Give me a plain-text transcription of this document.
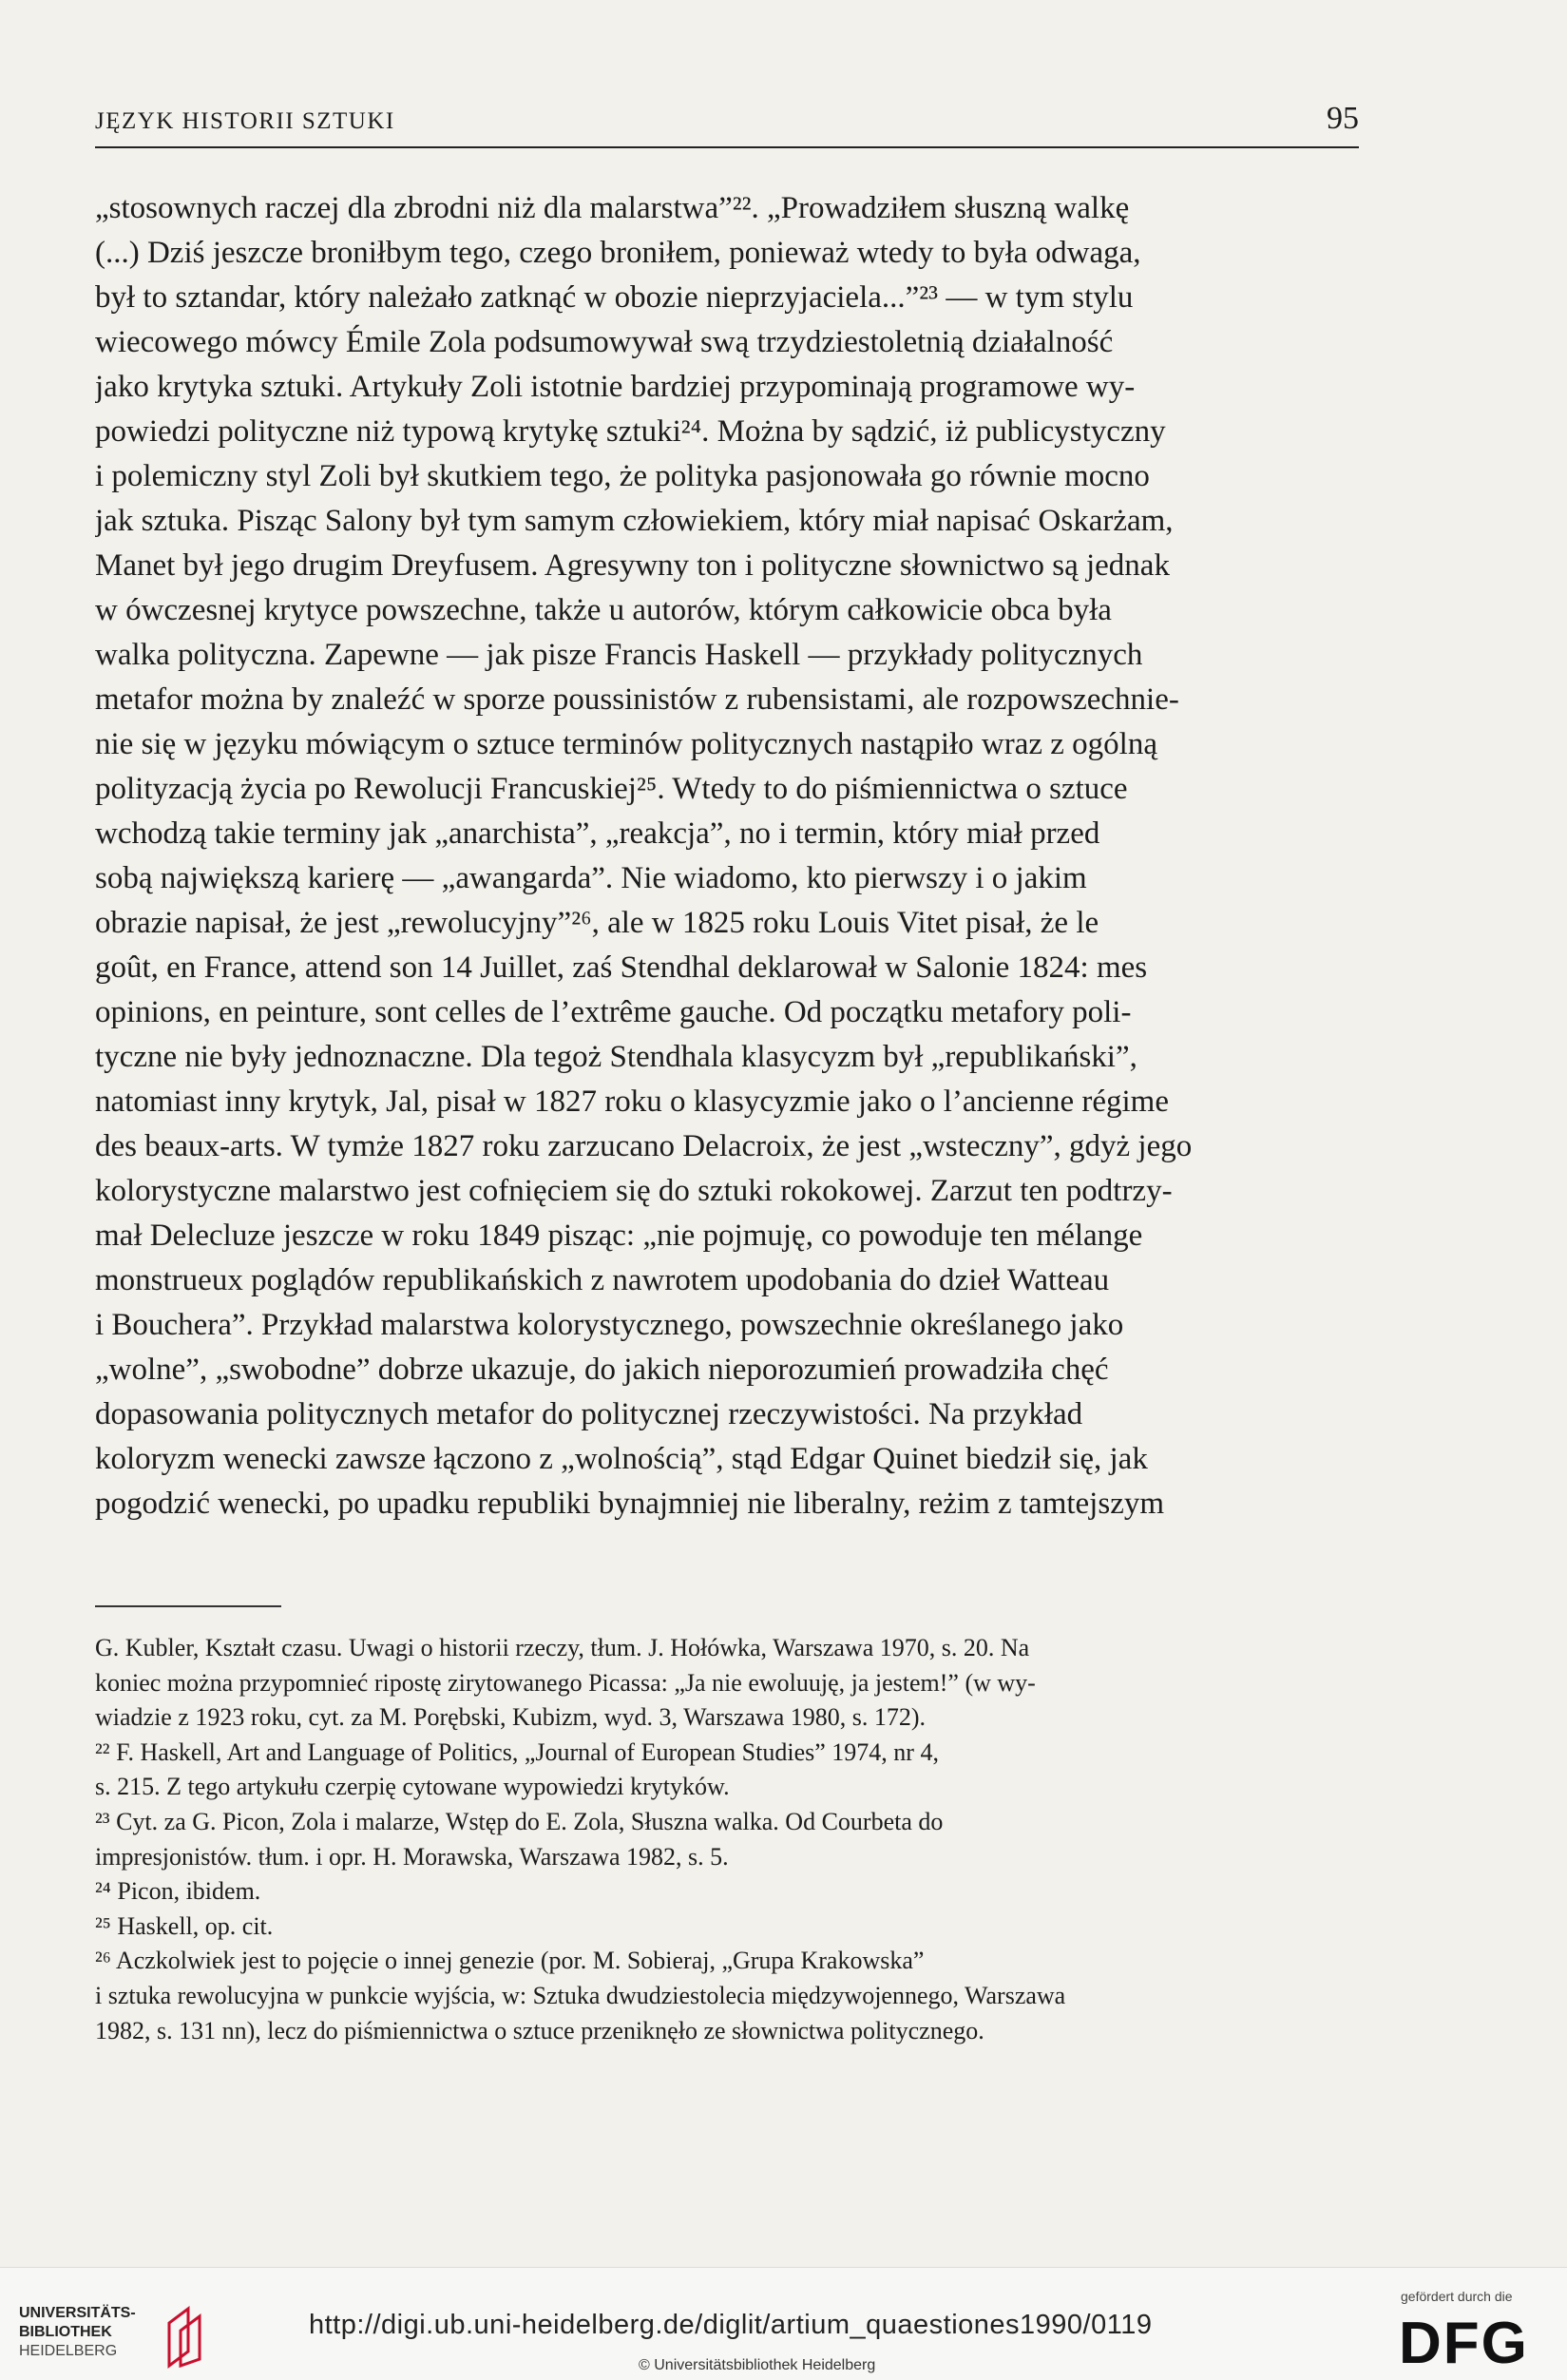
JĘZYK HISTORII SZTUKI	95
„stosownych raczej dla zbrodni niż dla malarstwa”²². „Prowadziłem słuszną walkę
(...) Dziś jeszcze broniłbym tego, czego broniłem, ponieważ wtedy to była odwaga,
był to sztandar, który należało zatknąć w obozie nieprzyjaciela...”²³ — w tym stylu
wiecowego mówcy Émile Zola podsumowywał swą trzydziestoletnią działalność
jako krytyka sztuki. Artykuły Zoli istotnie bardziej przypominają programowe wy-
powiedzi polityczne niż typową krytykę sztuki²⁴. Można by sądzić, iż publicystyczny
i polemiczny styl Zoli był skutkiem tego, że polityka pasjonowała go równie mocno
jak sztuka. Pisząc Salony był tym samym człowiekiem, który miał napisać Oskarżam,
Manet był jego drugim Dreyfusem. Agresywny ton i polityczne słownictwo są jednak
w ówczesnej krytyce powszechne, także u autorów, którym całkowicie obca była
walka polityczna. Zapewne — jak pisze Francis Haskell — przykłady politycznych
metafor można by znaleźć w sporze poussinistów z rubensistami, ale rozpowszechnie-
nie się w języku mówiącym o sztuce terminów politycznych nastąpiło wraz z ogólną
polityzacją życia po Rewolucji Francuskiej²⁵. Wtedy to do piśmiennictwa o sztuce
wchodzą takie terminy jak „anarchista”, „reakcja”, no i termin, który miał przed
sobą największą karierę — „awangarda”. Nie wiadomo, kto pierwszy i o jakim
obrazie napisał, że jest „rewolucyjny”²⁶, ale w 1825 roku Louis Vitet pisał, że le
goût, en France, attend son 14 Juillet, zaś Stendhal deklarował w Salonie 1824: mes
opinions, en peinture, sont celles de l’extrême gauche. Od początku metafory poli-
tyczne nie były jednoznaczne. Dla tegoż Stendhala klasycyzm był „republikański”,
natomiast inny krytyk, Jal, pisał w 1827 roku o klasycyzmie jako o l’ancienne régime
des beaux-arts. W tymże 1827 roku zarzucano Delacroix, że jest „wsteczny”, gdyż jego
kolorystyczne malarstwo jest cofnięciem się do sztuki rokokowej. Zarzut ten podtrzy-
mał Delecluze jeszcze w roku 1849 pisząc: „nie pojmuję, co powoduje ten mélange
monstrueux poglądów republikańskich z nawrotem upodobania do dzieł Watteau
i Bouchera”. Przykład malarstwa kolorystycznego, powszechnie określanego jako
„wolne”, „swobodne” dobrze ukazuje, do jakich nieporozumień prowadziła chęć
dopasowania politycznych metafor do politycznej rzeczywistości. Na przykład
koloryzm wenecki zawsze łączono z „wolnością”, stąd Edgar Quinet biedził się, jak
pogodzić wenecki, po upadku republiki bynajmniej nie liberalny, reżim z tamtejszym
G. Kubler, Kształt czasu. Uwagi o historii rzeczy, tłum. J. Hołówka, Warszawa 1970, s. 20. Na
koniec można przypomnieć ripostę zirytowanego Picassa: „Ja nie ewoluuję, ja jestem!” (w wy-
wiadzie z 1923 roku, cyt. za M. Porębski, Kubizm, wyd. 3, Warszawa 1980, s. 172).
²² F. Haskell, Art and Language of Politics, „Journal of European Studies” 1974, nr 4,
s. 215. Z tego artykułu czerpię cytowane wypowiedzi krytyków.
²³ Cyt. za G. Picon, Zola i malarze, Wstęp do E. Zola, Słuszna walka. Od Courbeta do
impresjonistów. tłum. i opr. H. Morawska, Warszawa 1982, s. 5.
²⁴ Picon, ibidem.
²⁵ Haskell, op. cit.
²⁶ Aczkolwiek jest to pojęcie o innej genezie (por. M. Sobieraj, „Grupa Krakowska”
i sztuka rewolucyjna w punkcie wyjścia, w: Sztuka dwudziestolecia międzywojennego, Warszawa
1982, s. 131 nn), lecz do piśmiennictwa o sztuce przeniknęło ze słownictwa politycznego.
UNIVERSITÄTS-
BIBLIOTHEK
HEIDELBERG
http://digi.ub.uni-heidelberg.de/diglit/artium_quaestiones1990/0119
© Universitätsbibliothek Heidelberg
gefördert durch die
DFG
